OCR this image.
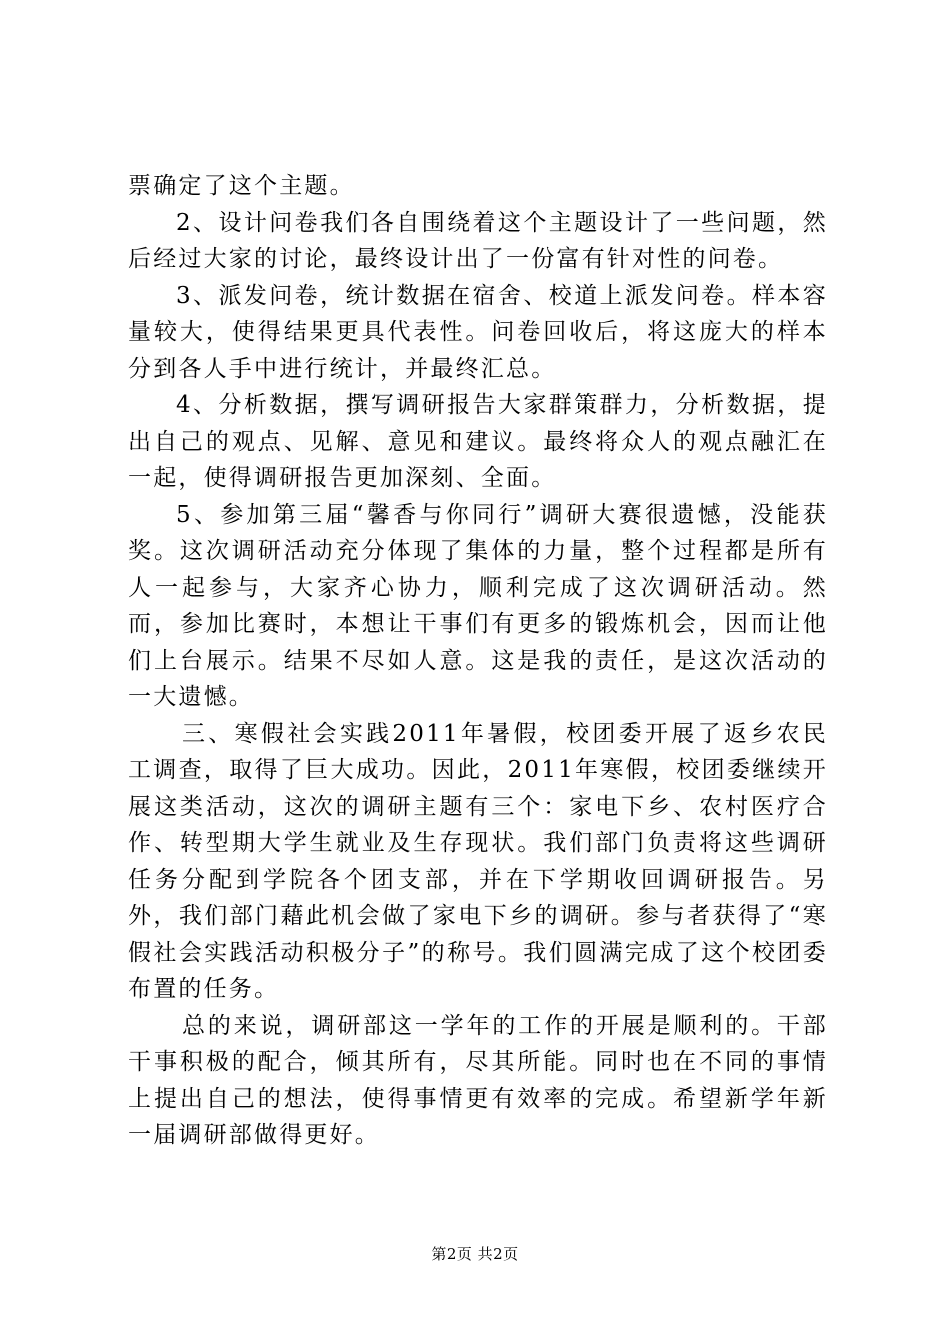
票确定了这个主题。

2、设计问卷我们各自围绕着这个主题设计了一些问题，然后经过大家的讨论，最终设计出了一份富有针对性的问卷。

3、派发问卷，统计数据在宿舍、校道上派发问卷。样本容量较大，使得结果更具代表性。问卷回收后，将这庞大的样本分到各人手中进行统计，并最终汇总。

4、分析数据，撰写调研报告大家群策群力，分析数据，提出自己的观点、见解、意见和建议。最终将众人的观点融汇在一起，使得调研报告更加深刻、全面。

5、参加第三届“馨香与你同行”调研大赛很遗憾，没能获奖。这次调研活动充分体现了集体的力量，整个过程都是所有人一起参与，大家齐心协力，顺利完成了这次调研活动。然而，参加比赛时，本想让干事们有更多的锻炼机会，因而让他们上台展示。结果不尽如人意。这是我的责任，是这次活动的一大遗憾。

三、寒假社会实践2011年暑假，校团委开展了返乡农民工调查，取得了巨大成功。因此，2011年寒假，校团委继续开展这类活动，这次的调研主题有三个：家电下乡、农村医疗合作、转型期大学生就业及生存现状。我们部门负责将这些调研任务分配到学院各个团支部，并在下学期收回调研报告。另外，我们部门藉此机会做了家电下乡的调研。参与者获得了“寒假社会实践活动积极分子”的称号。我们圆满完成了这个校团委布置的任务。

总的来说，调研部这一学年的工作的开展是顺利的。干部干事积极的配合，倾其所有，尽其所能。同时也在不同的事情上提出自己的想法，使得事情更有效率的完成。希望新学年新一届调研部做得更好。

第2页 共2页
